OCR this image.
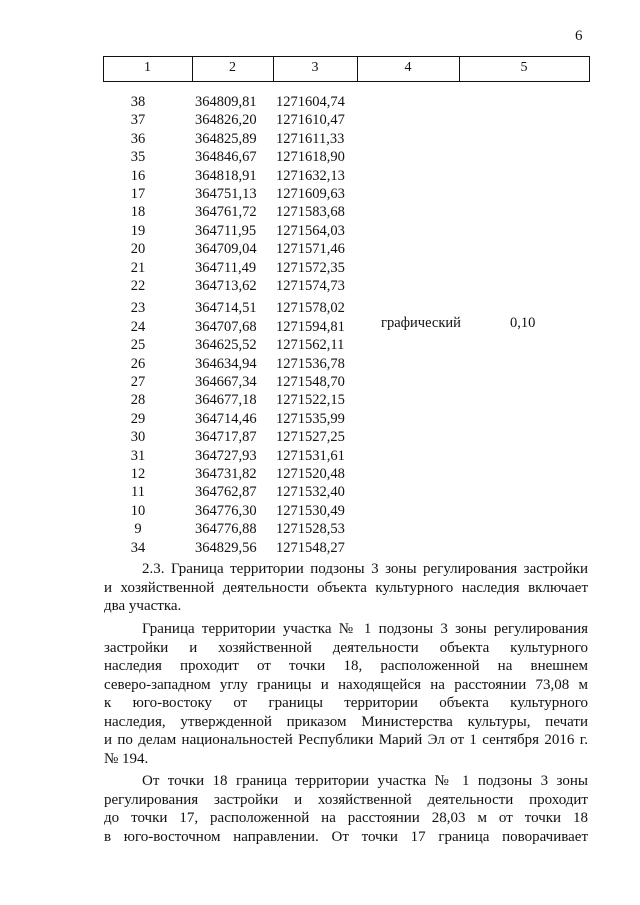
6
1	2	3	4	5
38	364809,81 1271604,74
37	364826,20 1271610,47
36	364825,89 1271611,33
35	364846,67 1271618,90
16	364818,91 1271632,13
17	364751,13 1271609,63
18	364761,72 1271583,68
19	364711,95 1271564,03
20	364709,04 1271571,46
21	364711,49 1271572,35
22	364713,62 1271574,73
23	364714,51 1271578,02
24	364707,68 1271594,81
25	364625,52 1271562,11
26	364634,94 1271536,78
27	364667,34 1271548,70
28	364677,18 1271522,15
29	364714,46 1271535,99
30	364717,87 1271527,25
31	364727,93 1271531,61
12	364731,82 1271520,48
11	364762,87 1271532,40
10	364776,30 1271530,49
9	364776,88 1271528,53
34	364829,56 1271548,27
графический	0,10
2.3. Граница территории подзоны 3 зоны регулирования застройки
и хозяйственной деятельности объекта культурного наследия включает
два участка.
Граница территории участка № 1 подзоны 3 зоны регулирования
застройки и хозяйственной деятельности объекта культурного
наследия проходит от точки 18, расположенной на внешнем
северо-западном углу границы и находящейся на расстоянии 73,08 м
к юго-востоку от границы территории объекта культурного
наследия, утвержденной приказом Министерства культуры, печати
и по делам национальностей Республики Марий Эл от 1 сентября 2016 г.
№ 194.
От точки 18 граница территории участка № 1 подзоны 3 зоны
регулирования застройки и хозяйственной деятельности проходит
до точки 17, расположенной на расстоянии 28,03 м от точки 18
в юго-восточном направлении. От точки 17 граница поворачивает
